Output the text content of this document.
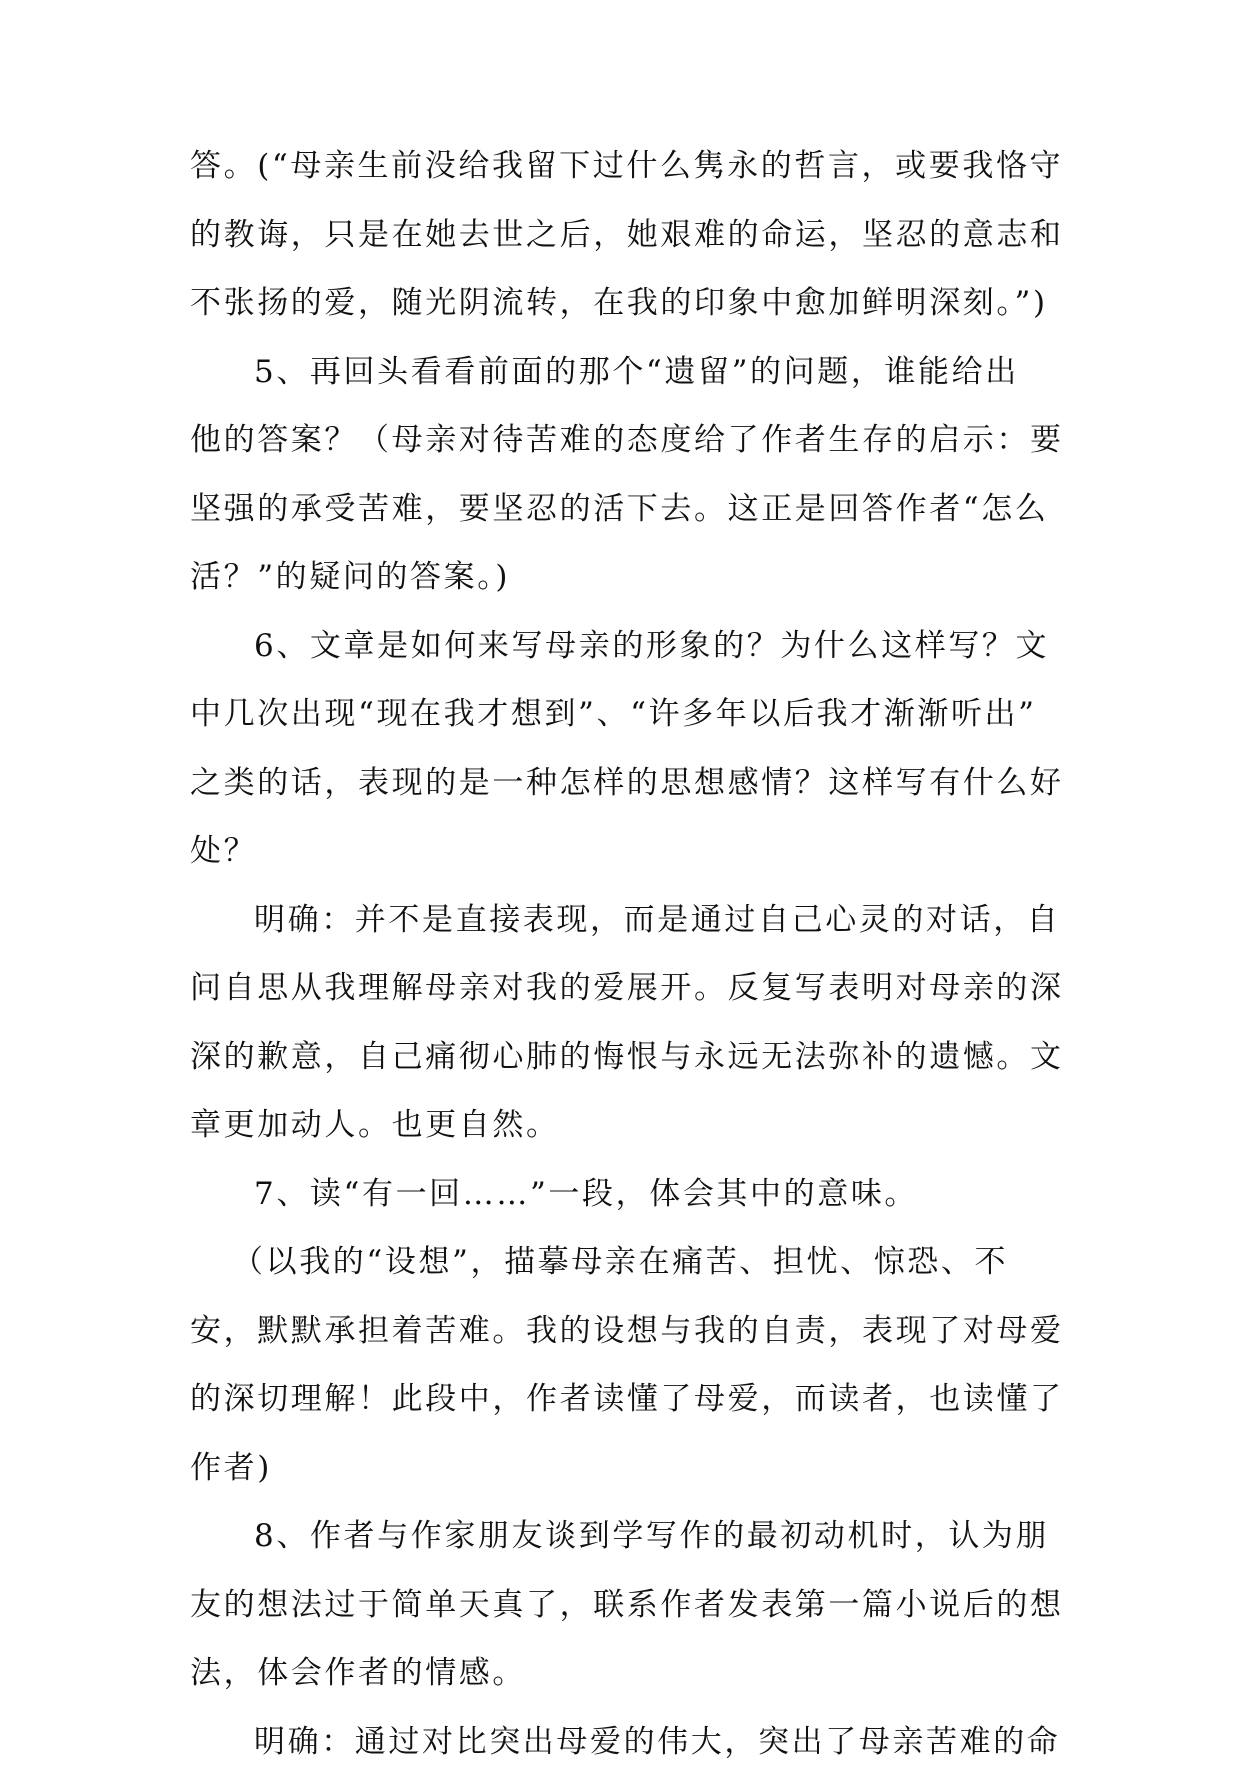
答。(“母亲生前没给我留下过什么隽永的哲言，或要我恪守
的教诲，只是在她去世之后，她艰难的命运，坚忍的意志和
不张扬的爱，随光阴流转，在我的印象中愈加鲜明深刻。”)
5、再回头看看前面的那个“遗留”的问题，谁能给出
他的答案？（母亲对待苦难的态度给了作者生存的启示：要
坚强的承受苦难，要坚忍的活下去。这正是回答作者“怎么
活？”的疑问的答案。)
6、文章是如何来写母亲的形象的？为什么这样写？文
中几次出现“现在我才想到”、“许多年以后我才渐渐听出”
之类的话，表现的是一种怎样的思想感情？这样写有什么好
处？
明确：并不是直接表现，而是通过自己心灵的对话，自
问自思从我理解母亲对我的爱展开。反复写表明对母亲的深
深的歉意，自己痛彻心肺的悔恨与永远无法弥补的遗憾。文
章更加动人。也更自然。
7、读“有一回……”一段，体会其中的意味。
（以我的“设想”，描摹母亲在痛苦、担忧、惊恐、不
安，默默承担着苦难。我的设想与我的自责，表现了对母爱
的深切理解！此段中，作者读懂了母爱，而读者，也读懂了
作者)
8、作者与作家朋友谈到学写作的最初动机时，认为朋
友的想法过于简单天真了，联系作者发表第一篇小说后的想
法，体会作者的情感。
明确：通过对比突出母爱的伟大，突出了母亲苦难的命
